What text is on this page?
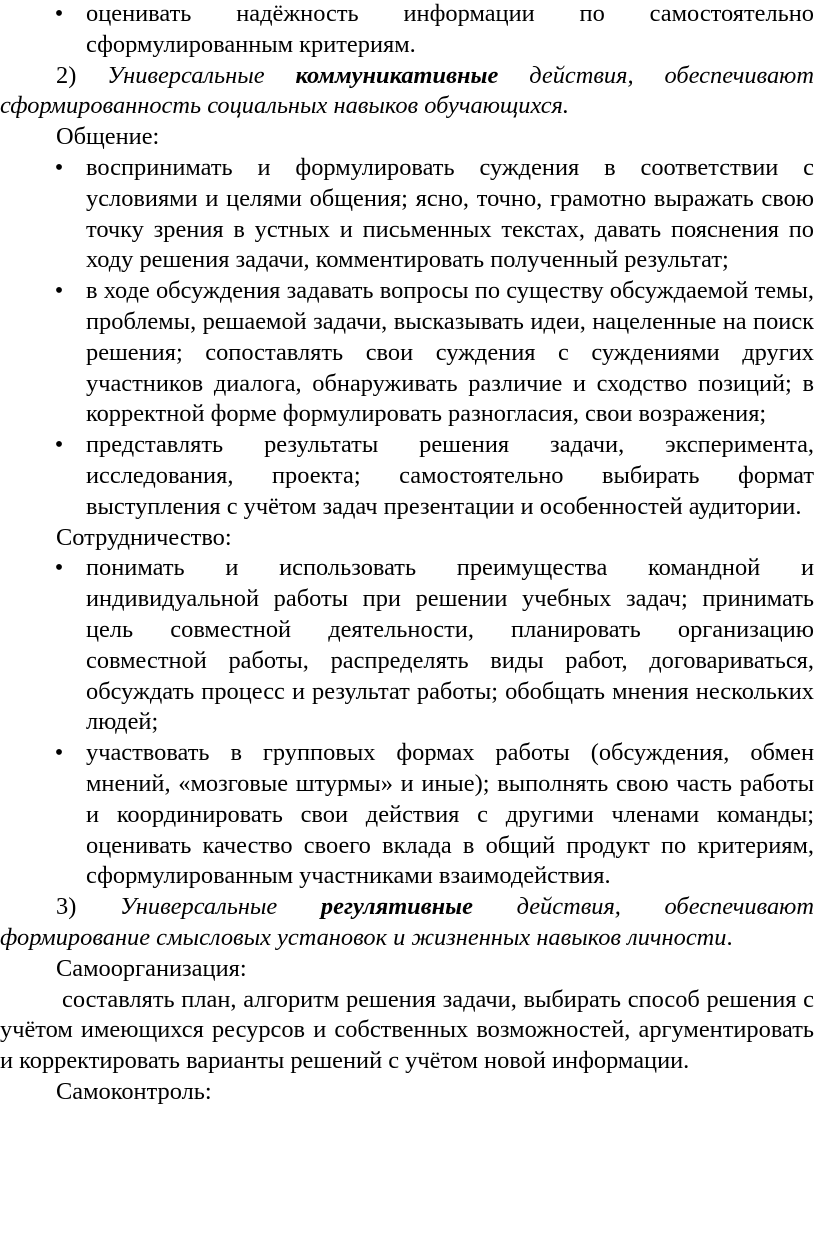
• оценивать надёжность информации по самостоятельно сформулированным критериям.

2) Универсальные коммуникативные действия, обеспечивают сформированность социальных навыков обучающихся.

Общение:

• воспринимать и формулировать суждения в соответствии с условиями и целями общения; ясно, точно, грамотно выражать свою точку зрения в устных и письменных текстах, давать пояснения по ходу решения задачи, комментировать полученный результат;
• в ходе обсуждения задавать вопросы по существу обсуждаемой темы, проблемы, решаемой задачи, высказывать идеи, нацеленные на поиск решения; сопоставлять свои суждения с суждениями других участников диалога, обнаруживать различие и сходство позиций; в корректной форме формулировать разногласия, свои возражения;
• представлять результаты решения задачи, эксперимента, исследования, проекта; самостоятельно выбирать формат выступления с учётом задач презентации и особенностей аудитории.

Сотрудничество:

• понимать и использовать преимущества командной и индивидуальной работы при решении учебных задач; принимать цель совместной деятельности, планировать организацию совместной работы, распределять виды работ, договариваться, обсуждать процесс и результат работы; обобщать мнения нескольких людей;
• участвовать в групповых формах работы (обсуждения, обмен мнений, «мозговые штурмы» и иные); выполнять свою часть работы и координировать свои действия с другими членами команды; оценивать качество своего вклада в общий продукт по критериям, сформулированным участниками взаимодействия.

3) Универсальные регулятивные действия, обеспечивают формирование смысловых установок и жизненных навыков личности.

Самоорганизация:

составлять план, алгоритм решения задачи, выбирать способ решения с учётом имеющихся ресурсов и собственных возможностей, аргументировать и корректировать варианты решений с учётом новой информации.

Самоконтроль:
